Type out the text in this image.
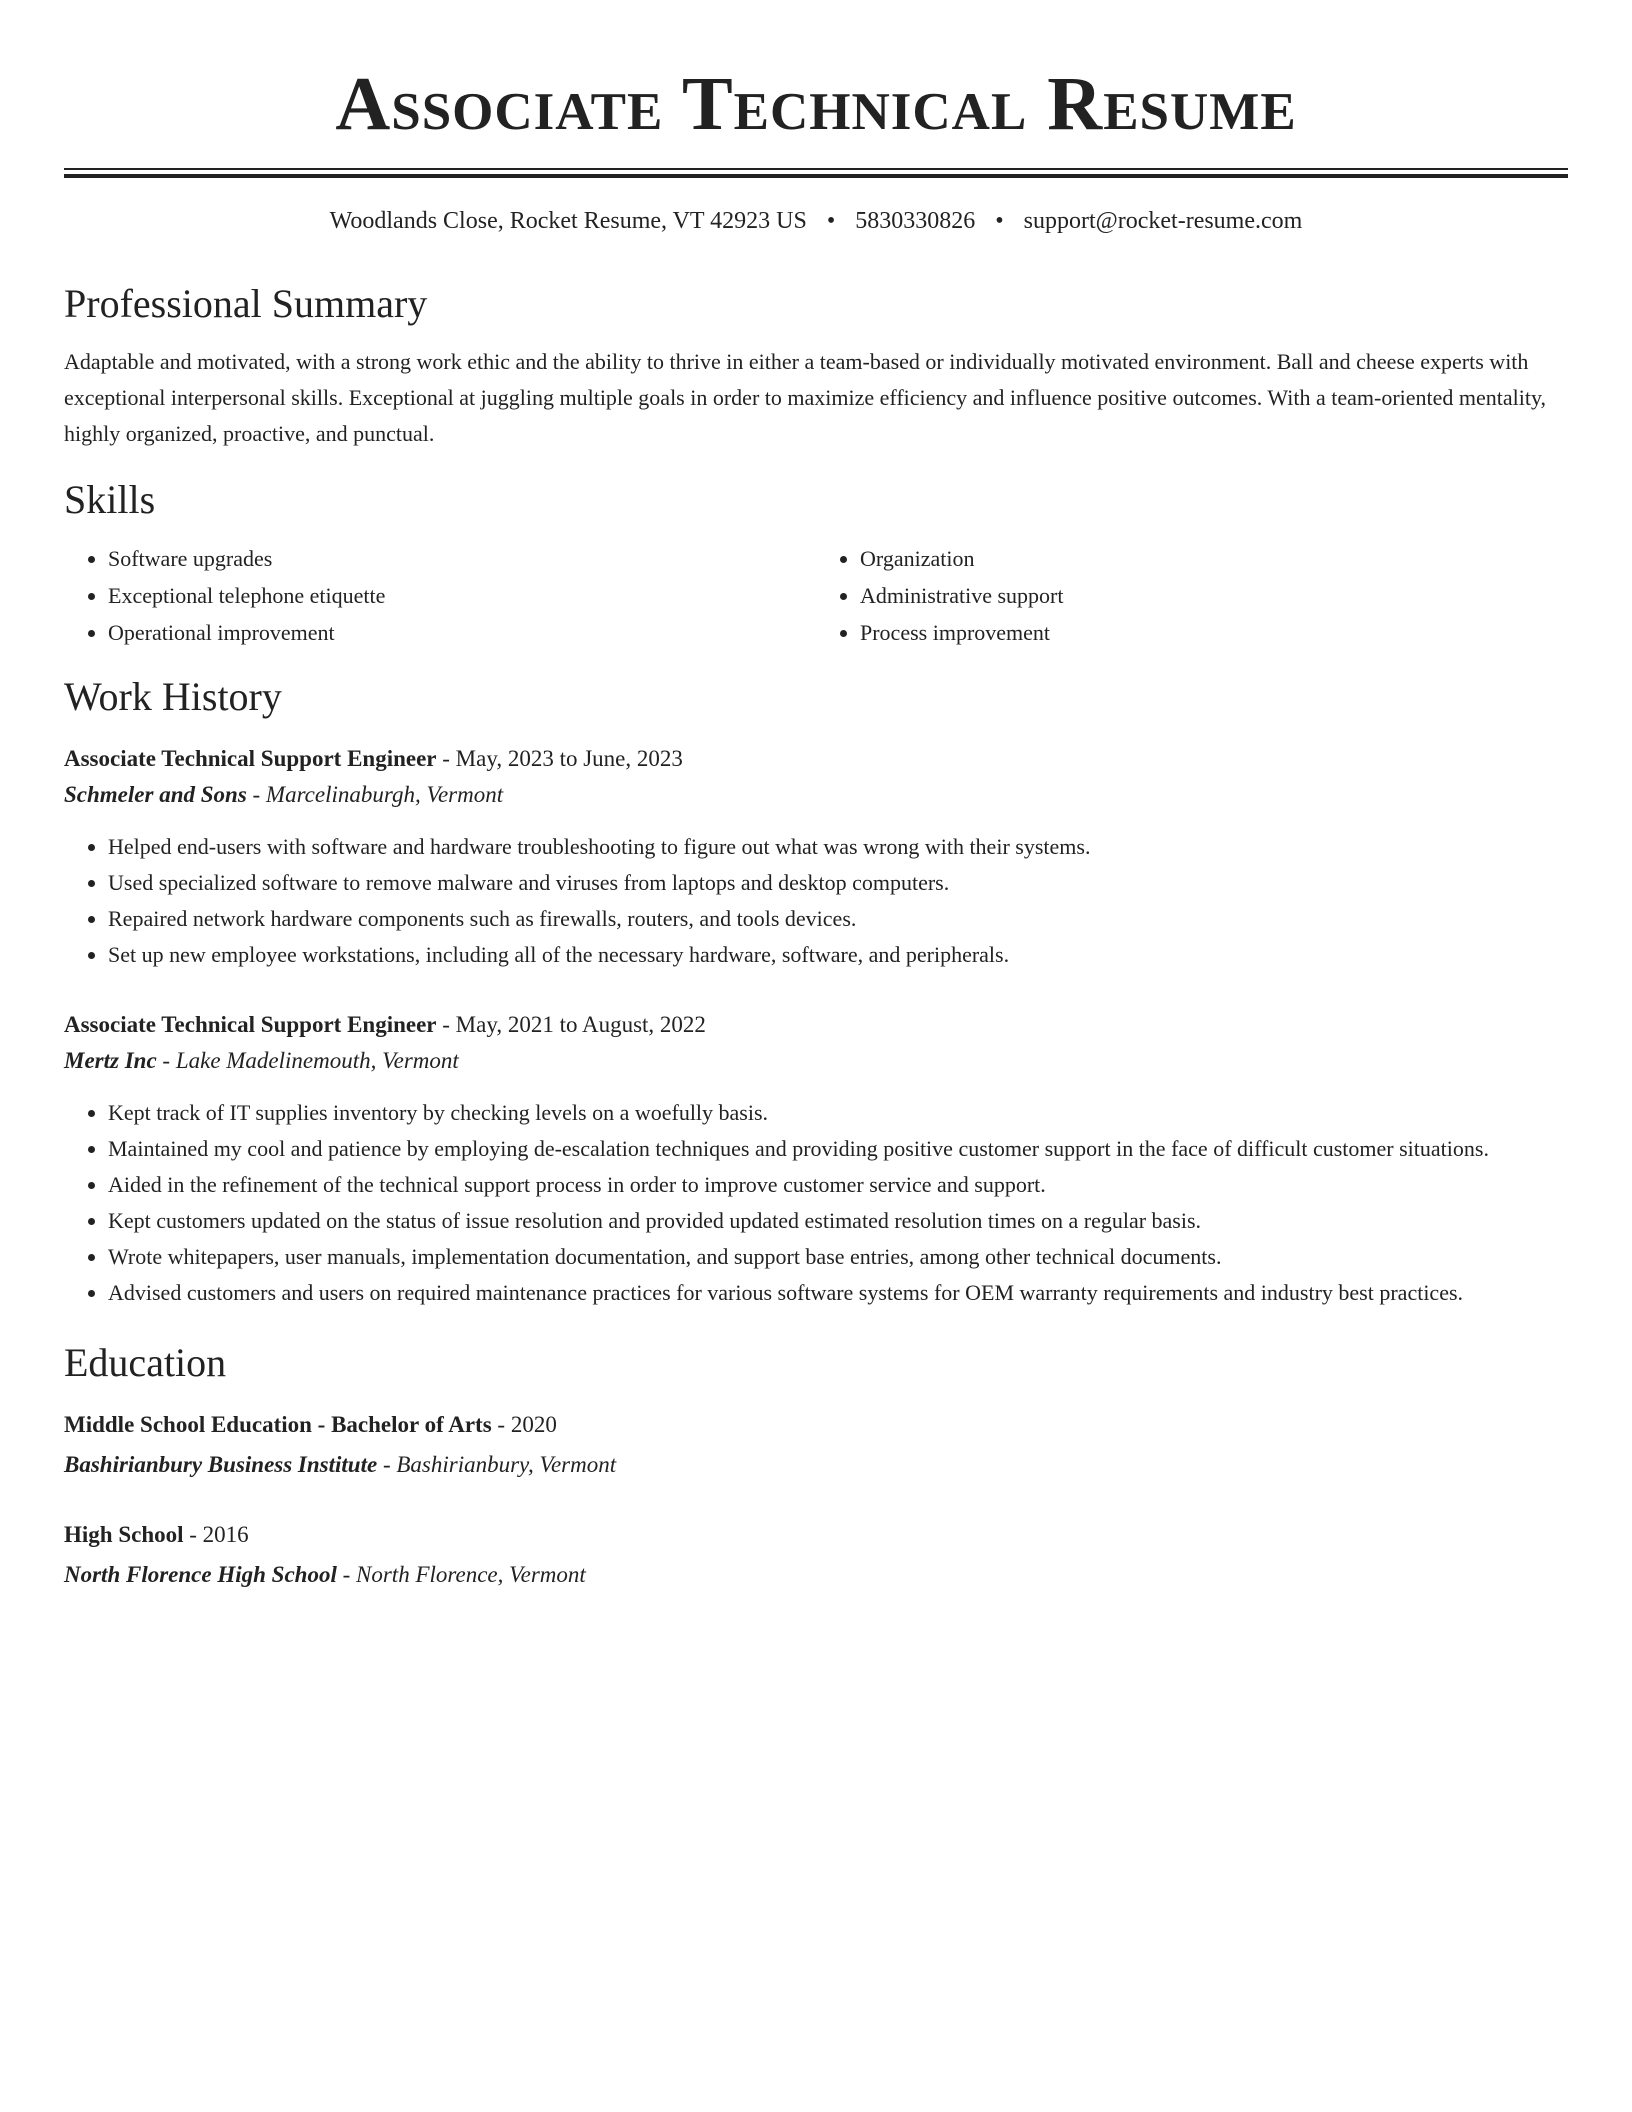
Associate Technical Resume
Woodlands Close, Rocket Resume, VT 42923 US • 5830330826 • support@rocket-resume.com
Professional Summary

Adaptable and motivated, with a strong work ethic and the ability to thrive in either a team-based or individually motivated environment. Ball and cheese experts with exceptional interpersonal skills. Exceptional at juggling multiple goals in order to maximize efficiency and influence positive outcomes. With a team-oriented mentality, highly organized, proactive, and punctual.

Skills
• Software upgrades
• Exceptional telephone etiquette
• Operational improvement
• Organization
• Administrative support
• Process improvement
Work History
Associate Technical Support Engineer - May, 2023 to June, 2023
Schmeler and Sons - Marcelinaburgh, Vermont
• Helped end-users with software and hardware troubleshooting to figure out what was wrong with their systems.
• Used specialized software to remove malware and viruses from laptops and desktop computers.
• Repaired network hardware components such as firewalls, routers, and tools devices.
• Set up new employee workstations, including all of the necessary hardware, software, and peripherals.
Associate Technical Support Engineer - May, 2021 to August, 2022
Mertz Inc - Lake Madelinemouth, Vermont
• Kept track of IT supplies inventory by checking levels on a woefully basis.
• Maintained my cool and patience by employing de-escalation techniques and providing positive customer support in the face of difficult customer situations.
• Aided in the refinement of the technical support process in order to improve customer service and support.
• Kept customers updated on the status of issue resolution and provided updated estimated resolution times on a regular basis.
• Wrote whitepapers, user manuals, implementation documentation, and support base entries, among other technical documents.
• Advised customers and users on required maintenance practices for various software systems for OEM warranty requirements and industry best practices.
Education
Middle School Education - Bachelor of Arts - 2020
Bashirianbury Business Institute - Bashirianbury, Vermont
High School - 2016
North Florence High School - North Florence, Vermont
